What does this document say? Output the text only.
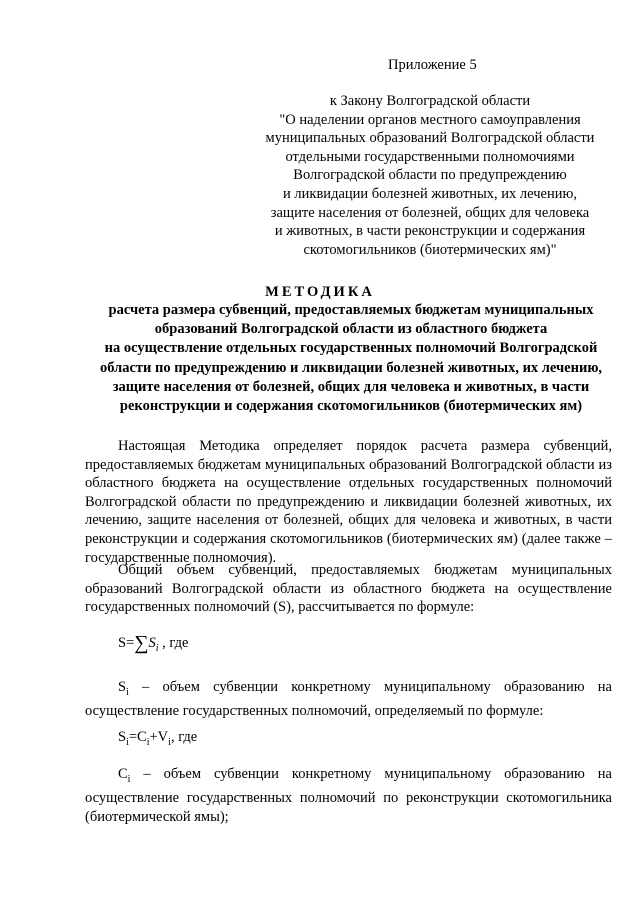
Приложение 5
к Закону Волгоградской области
"О наделении органов местного самоуправления
муниципальных образований Волгоградской области
отдельными государственными полномочиями
Волгоградской области по предупреждению
и ликвидации болезней животных, их лечению,
защите населения от болезней, общих для человека
и животных, в части реконструкции и содержания
скотомогильников (биотермических ям)"
МЕТОДИКА
расчета размера субвенций, предоставляемых бюджетам муниципальных
образований Волгоградской области из областного бюджета
на осуществление отдельных государственных полномочий Волгоградской
области по предупреждению и ликвидации болезней животных, их лечению,
защите населения от болезней, общих для человека и животных, в части
реконструкции и содержания скотомогильников (биотермических ям)
Настоящая Методика определяет порядок расчета размера субвенций, предоставляемых бюджетам муниципальных образований Волгоградской области из областного бюджета на осуществление отдельных государственных полномочий Волгоградской области по предупреждению и ликвидации болезней животных, их лечению, защите населения от болезней, общих для человека и животных, в части реконструкции и содержания скотомогильников (биотермических ям) (далее также – государственные полномочия).
Общий объем субвенций, предоставляемых бюджетам муниципальных образований Волгоградской области из областного бюджета на осуществление государственных полномочий (S), рассчитывается по формуле:
$S=\sum S_i$ , где
$S_i$ – объем субвенции конкретному муниципальному образованию на осуществление государственных полномочий, определяемый по формуле:
$S_i=C_i+V_i$, где
$C_i$ – объем субвенции конкретному муниципальному образованию на осуществление государственных полномочий по реконструкции скотомогильника (биотермической ямы);
